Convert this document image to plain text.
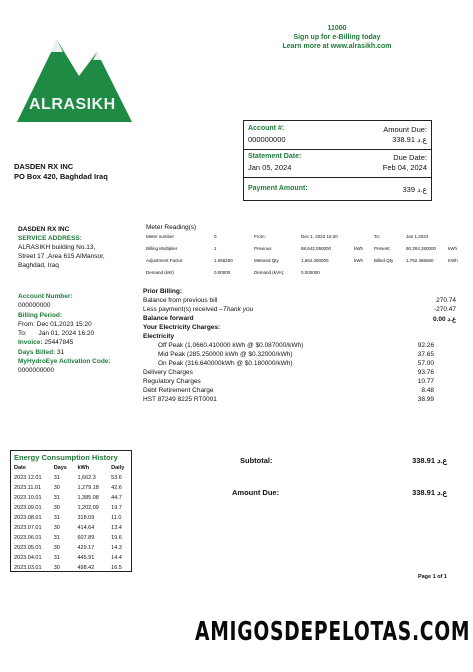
ALRASIKH
11000
Sign up for e-Billing today
Learn more at www.alrasikh.com
Account #:
000000000
Amount Due:
338.91 ع.د
Statement Date:
Jan 05, 2024
Due Date:
Feb 04, 2024
Payment Amount:	339 ع.د
DASDEN RX INC
PO Box 420, Baghdad Iraq
DASDEN RX INC
SERVICE ADDRESS:
ALRASIKH building No.13,
Street 17 ,Area 615 AlMansor,
Baghdad, Iraq
Account Number:
000000000
Billing Period:
From: Dec 01,2023 15:20
To: Jan 01, 2024 16:20
Invoice: 25447845
Days Billed: 31
MyHydroEye Activation Code:
0000000000
Meter Reading(s)
Meter number	0	From:	Dec 1, 2023 15:20	To:	Jan 1,2024
Billing Multiplier	1	Previous	88,642,050000	kWh Present:	90,304,350000	kWh
Adjustment Factor	1.056200	Metered Qty	1,662.300000	kWh Billed Qty	1,752.386660	KWh
Demand (kW)	0.00000	Demand (kVA):	0.000000
Prior Billing:
Balance from previous bill	270.74
Less payment(s) received –Thank you	-270.47
Balance forward	0.00 ع.د
Your Electricity Charges:
Electricity
Off Peak (1,0660.410000 kWh @ $0.087000/kWh)	92.26
Mid Peak (285.250000 kWh @ $0.32000/kWh)	37.65
On Peak (316.640000kWh @ $0.180000/kWh)	57.00
Delivery Charges	93.76
Regulatory Charges	10.77
Debt Retirement Charge	8.48
HST 87249 8225 RT0001	38.99
Subtotal:	338.91 ع.د
Amount Due:	338.91 ع.د
Energy Consumption History
Date	Days	kWh	Daily
2023.12.01	31	1,662.3	53.6
2023.11.01	30	1,279.18	42.6
2023.10.01	31	1,385.08	44.7
2023.09.01	30	1,202.09	19.7
2023.08.01	31	318.09	11.0
2023.07.01	30	414.64	13.4
2023.06.01	31	607.89	19.6
2023.05.01	30	429.17	14.3
2023.04.01	31	445.91	14.4
2023.03.01	30	498.42	16.5
Page 1 of 1
AMIGOSDEPELOTAS.COM
